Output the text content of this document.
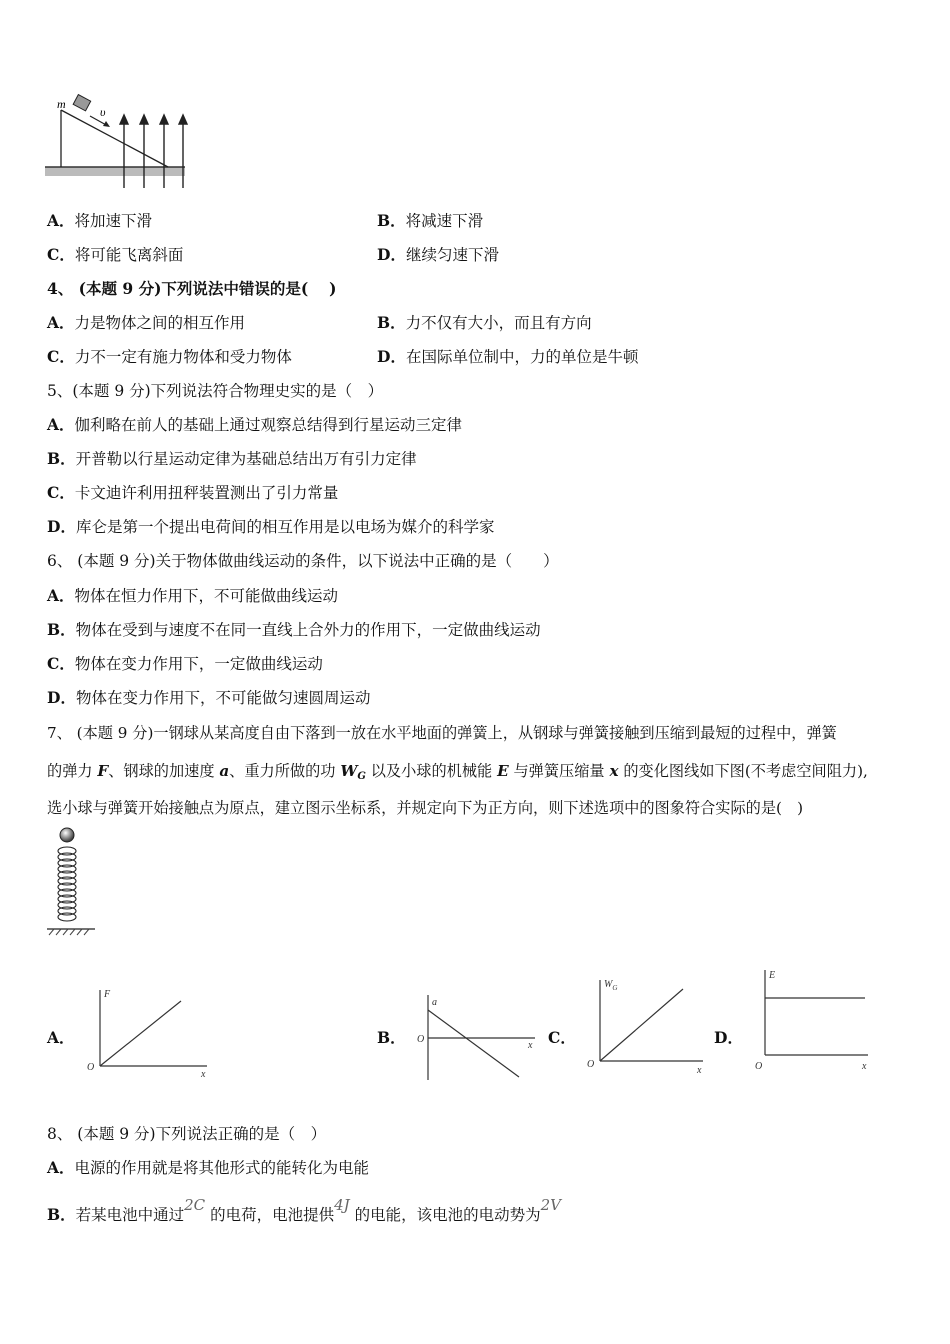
m
υ
A．将加速下滑	B．将减速下滑
C．将可能飞离斜面	D．继续匀速下滑
4、 (本题 9 分)下列说法中错误的是(　 )
A．力是物体之间的相互作用	B．力不仅有大小，而且有方向
C．力不一定有施力物体和受力物体	D．在国际单位制中，力的单位是牛顿
5、(本题 9 分)下列说法符合物理史实的是（　）
A．伽利略在前人的基础上通过观察总结得到行星运动三定律
B．开普勒以行星运动定律为基础总结出万有引力定律
C．卡文迪许利用扭秤装置测出了引力常量
D．库仑是第一个提出电荷间的相互作用是以电场为媒介的科学家
6、 (本题 9 分)关于物体做曲线运动的条件，以下说法中正确的是（　　）
A．物体在恒力作用下，不可能做曲线运动
B．物体在受到与速度不在同一直线上合外力的作用下，一定做曲线运动
C．物体在变力作用下，一定做曲线运动
D．物体在变力作用下，不可能做匀速圆周运动
7、 (本题 9 分)一钢球从某高度自由下落到一放在水平地面的弹簧上，从钢球与弹簧接触到压缩到最短的过程中，弹簧
的弹力 F、钢球的加速度 a、重力所做的功 $W_G$ 以及小球的机械能 E 与弹簧压缩量 x 的变化图线如下图(不考虑空间阻力),
选小球与弹簧开始接触点为原点，建立图示坐标系，并规定向下为正方向，则下述选项中的图象符合实际的是(　)
A．
F
x
O
B．
a
x
O	C．
$W_G$
x
O
D．
E
x
O
8、 (本题 9 分)下列说法正确的是（　）
A．电源的作用就是将其他形式的能转化为电能
B．若某电池中通过2C 的电荷，电池提供4J 的电能，该电池的电动势为2V
